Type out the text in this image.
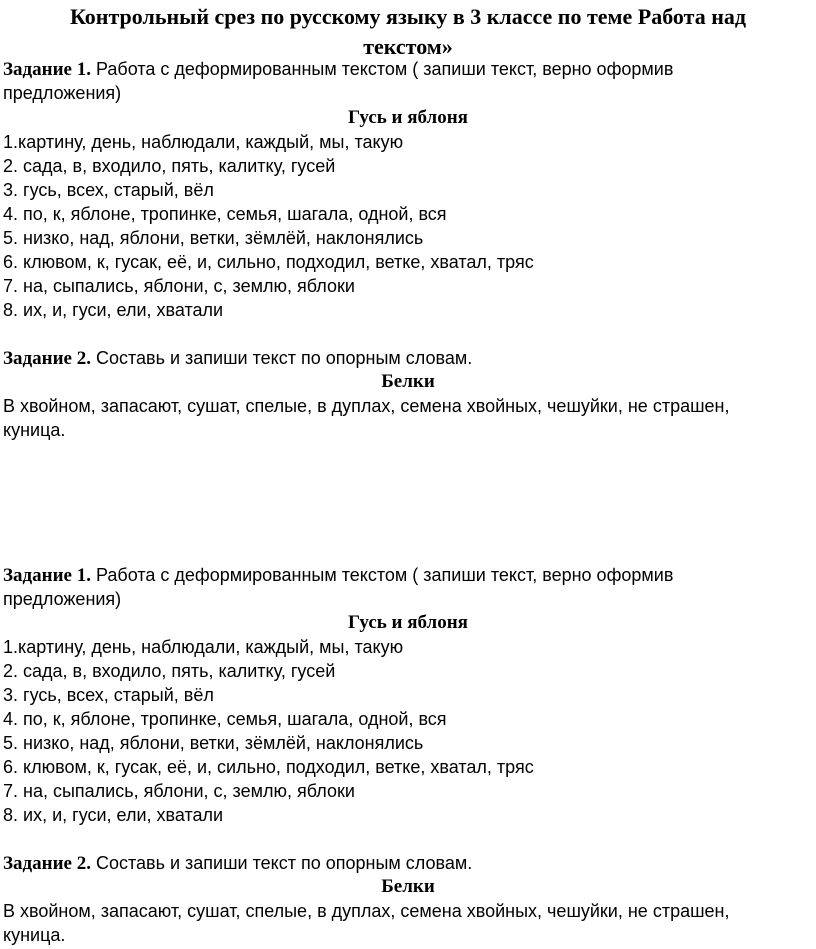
Контрольный срез по русскому языку в 3 классе по теме Работа над
текстом»
Задание 1. Работа с деформированным текстом ( запиши текст, верно оформив
предложения)
Гусь и яблоня
1.картину, день, наблюдали, каждый, мы, такую
2. сада, в, входило, пять, калитку, гусей
3. гусь, всех, старый, вёл
4. по, к, яблоне, тропинке, семья, шагала, одной, вся
5. низко, над, яблони, ветки, зёмлёй, наклонялись
6. клювом, к, гусак, её, и, сильно, подходил, ветке, хватал, тряс
7. на, сыпались, яблони, с, землю, яблоки
8. их, и, гуси, ели, хватали
Задание 2. Составь и запиши текст по опорным словам.
Белки
В хвойном, запасают, сушат, спелые, в дуплах, семена хвойных, чешуйки, не страшен,
куница.
Задание 1. Работа с деформированным текстом ( запиши текст, верно оформив
предложения)
Гусь и яблоня
1.картину, день, наблюдали, каждый, мы, такую
2. сада, в, входило, пять, калитку, гусей
3. гусь, всех, старый, вёл
4. по, к, яблоне, тропинке, семья, шагала, одной, вся
5. низко, над, яблони, ветки, зёмлёй, наклонялись
6. клювом, к, гусак, её, и, сильно, подходил, ветке, хватал, тряс
7. на, сыпались, яблони, с, землю, яблоки
8. их, и, гуси, ели, хватали
Задание 2. Составь и запиши текст по опорным словам.
Белки
В хвойном, запасают, сушат, спелые, в дуплах, семена хвойных, чешуйки, не страшен,
куница.
